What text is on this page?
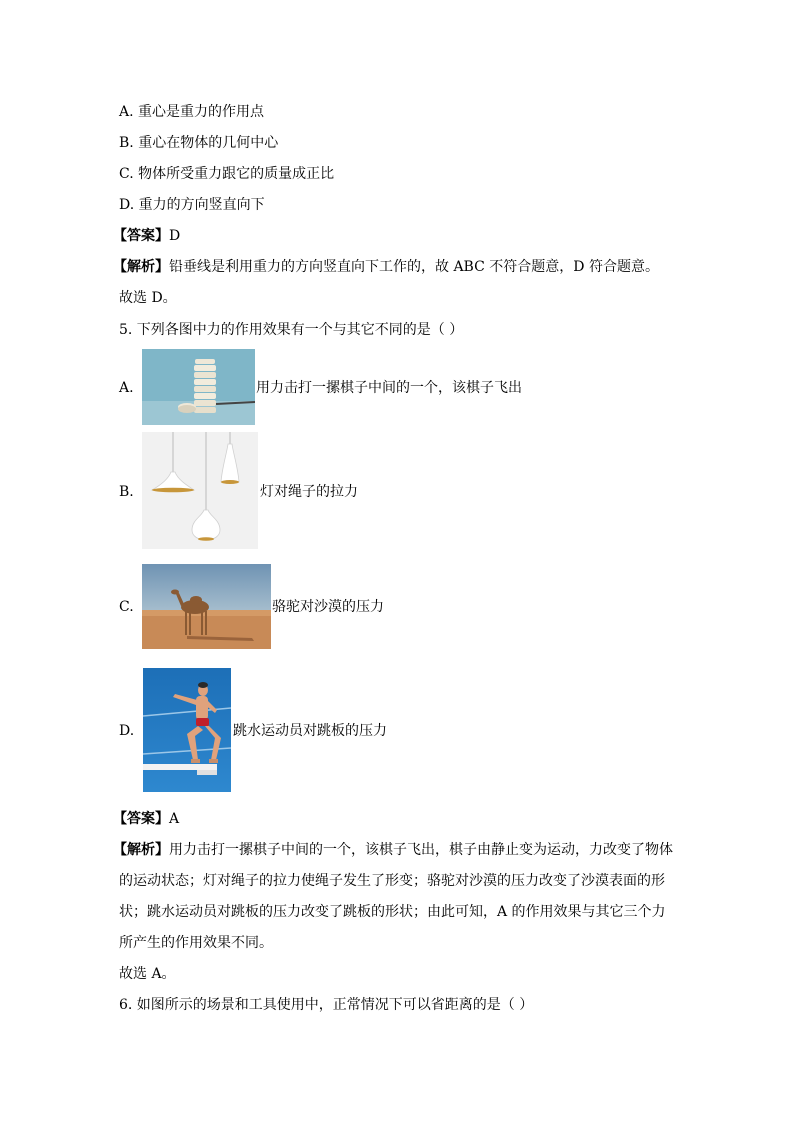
A. 重心是重力的作用点
B. 重心在物体的几何中心
C. 物体所受重力跟它的质量成正比
D. 重力的方向竖直向下
【答案】D
【解析】铅垂线是利用重力的方向竖直向下工作的，故 ABC 不符合题意，D 符合题意。
故选 D。
5. 下列各图中力的作用效果有一个与其它不同的是（ ）
A.	用力击打一摞棋子中间的一个，该棋子飞出
B.	灯对绳子的拉力
C.	骆驼对沙漠的压力
D.	跳水运动员对跳板的压力
【答案】A
【解析】用力击打一摞棋子中间的一个，该棋子飞出，棋子由静止变为运动，力改变了物体的运动状态；灯对绳子的拉力使绳子发生了形变；骆驼对沙漠的压力改变了沙漠表面的形状；跳水运动员对跳板的压力改变了跳板的形状；由此可知，A 的作用效果与其它三个力所产生的作用效果不同。
故选 A。
6. 如图所示的场景和工具使用中，正常情况下可以省距离的是（ ）
